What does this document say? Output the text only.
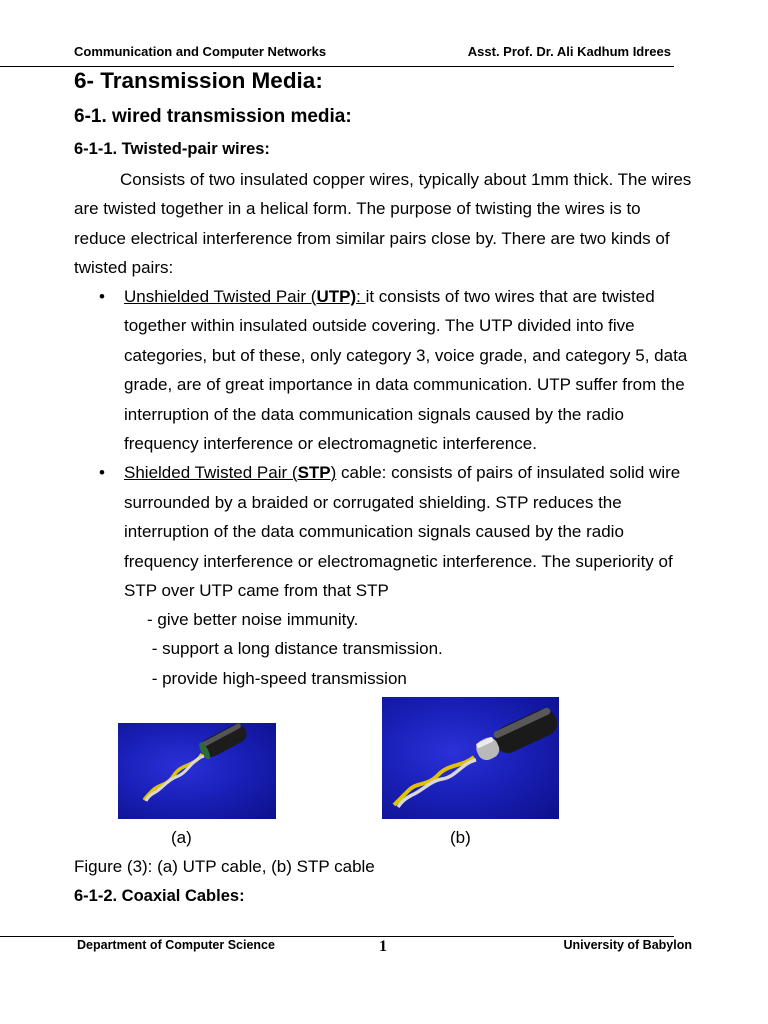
Communication and Computer Networks	Asst. Prof. Dr. Ali Kadhum Idrees
6- Transmission Media:
6-1. wired transmission media:
6-1-1. Twisted-pair wires:

Consists of two insulated copper wires, typically about 1mm thick. The wires are twisted together in a helical form. The purpose of twisting the wires is to reduce electrical interference from similar pairs close by. There are two kinds of twisted pairs:

• Unshielded Twisted Pair (UTP): it consists of two wires that are twisted together within insulated outside covering. The UTP divided into five categories, but of these, only category 3, voice grade, and category 5, data grade, are of great importance in data communication. UTP suffer from the interruption of the data communication signals caused by the radio frequency interference or electromagnetic interference.
• Shielded Twisted Pair (STP) cable: consists of pairs of insulated solid wire surrounded by a braided or corrugated shielding. STP reduces the interruption of the data communication signals caused by the radio frequency interference or electromagnetic interference. The superiority of STP over UTP came from that STP
- give better noise immunity.
- support a long distance transmission.
- provide high-speed transmission
(a)	(b)
Figure (3): (a) UTP cable, (b) STP cable
6-1-2. Coaxial Cables:
Department of Computer Science	1	University of Babylon
